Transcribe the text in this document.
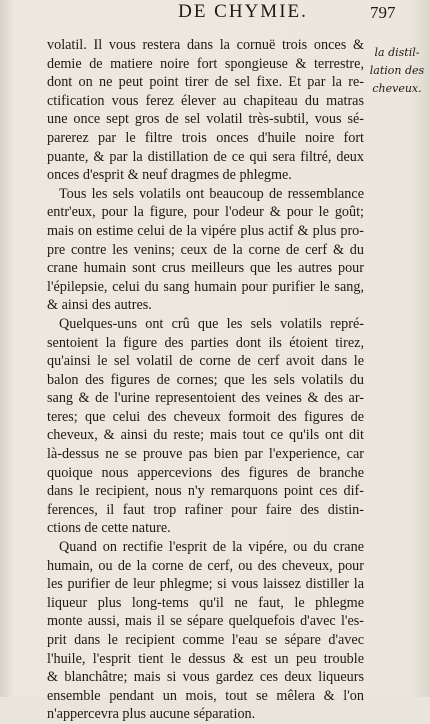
DE CHYMIE.	797
la distil-
lation des
cheveux.
volatil. Il vous restera dans la cornuë trois onces &
demie de matiere noire fort spongieuse & terrestre,
dont on ne peut point tirer de sel fixe. Et par la re-
ctification vous ferez élever au chapiteau du matras
une once sept gros de sel volatil très-subtil, vous sé-
parerez par le filtre trois onces d'huile noire fort
puante, & par la distillation de ce qui sera filtré, deux
onces d'esprit & neuf dragmes de phlegme.
Tous les sels volatils ont beaucoup de ressemblance
entr'eux, pour la figure, pour l'odeur & pour le goût;
mais on estime celui de la vipére plus actif & plus pro-
pre contre les venins; ceux de la corne de cerf & du
crane humain sont crus meilleurs que les autres pour
l'épilepsie, celui du sang humain pour purifier le sang,
& ainsi des autres.
Quelques-uns ont crû que les sels volatils repré-
sentoient la figure des parties dont ils étoient tirez,
qu'ainsi le sel volatil de corne de cerf avoit dans le
balon des figures de cornes; que les sels volatils du
sang & de l'urine representoient des veines & des ar-
teres; que celui des cheveux formoit des figures de
cheveux, & ainsi du reste; mais tout ce qu'ils ont dit
là-dessus ne se prouve pas bien par l'experience, car
quoique nous appercevions des figures de branche
dans le recipient, nous n'y remarquons point ces dif-
ferences, il faut trop rafiner pour faire des distin-
ctions de cette nature.
Quand on rectifie l'esprit de la vipére, ou du crane
humain, ou de la corne de cerf, ou des cheveux, pour
les purifier de leur phlegme; si vous laissez distiller la
liqueur plus long-tems qu'il ne faut, le phlegme
monte aussi, mais il se sépare quelquefois d'avec l'es-
prit dans le recipient comme l'eau se sépare d'avec
l'huile, l'esprit tient le dessus & est un peu trouble
& blanchâtre; mais si vous gardez ces deux liqueurs
ensemble pendant un mois, tout se mêlera & l'on
n'appercevra plus aucune séparation.
